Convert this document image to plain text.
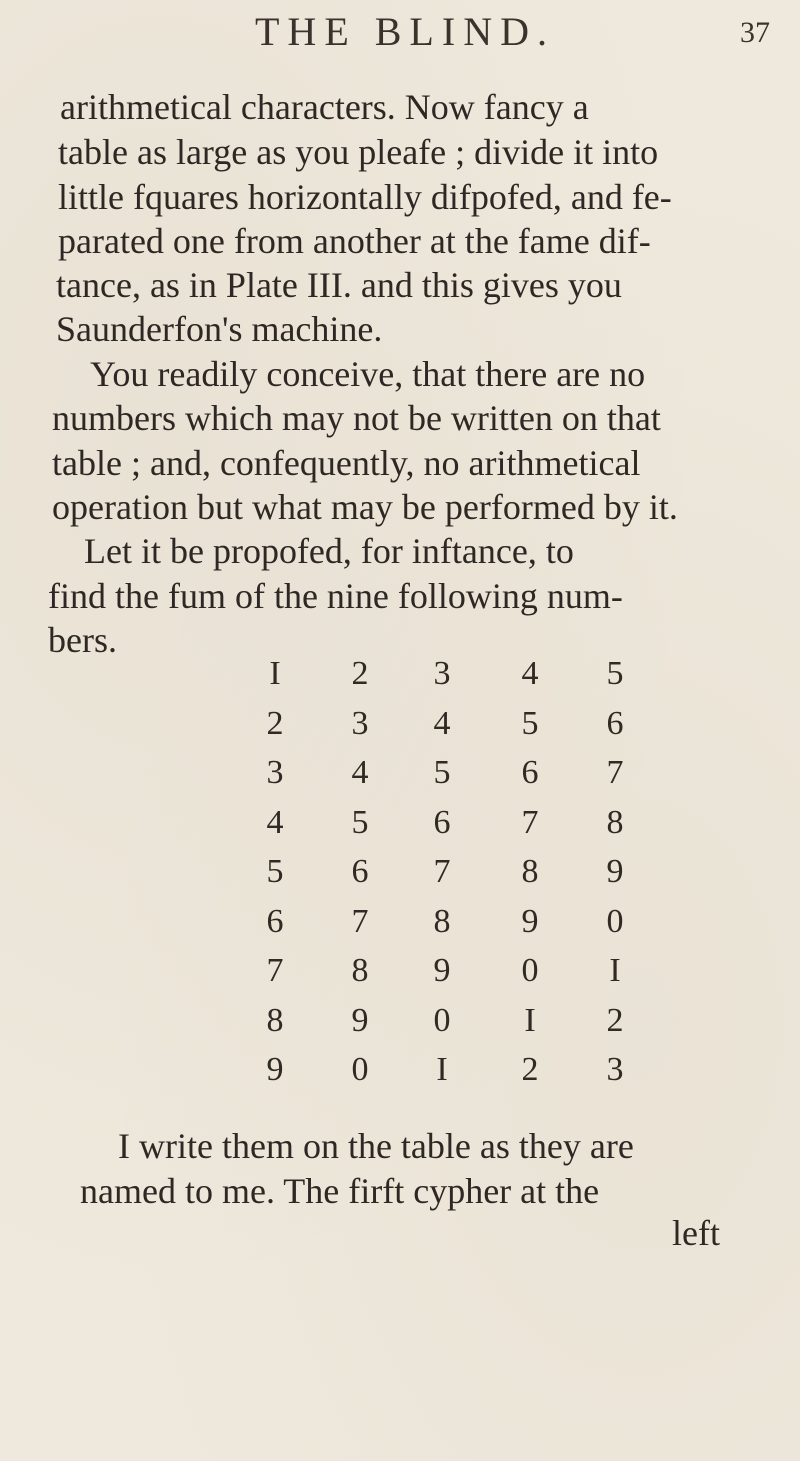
THE BLIND.	37
arithmetical characters. Now fancy a
table as large as you pleafe ; divide it into
little fquares horizontally difpofed, and fe-
parated one from another at the fame dif-
tance, as in Plate III. and this gives you
Saunderfon's machine.
You readily conceive, that there are no
numbers which may not be written on that
table ; and, confequently, no arithmetical
operation but what may be performed by it.
Let it be propofed, for inftance, to
find the fum of the nine following num-
bers.
I	2	3	4	5
2	3	4	5	6
3	4	5	6	7
4	5	6	7	8
5	6	7	8	9
6	7	8	9	0
7	8	9	0	I
8	9	0	I	2
9	0	I	2	3
I write them on the table as they are
named to me. The firft cypher at the
left
